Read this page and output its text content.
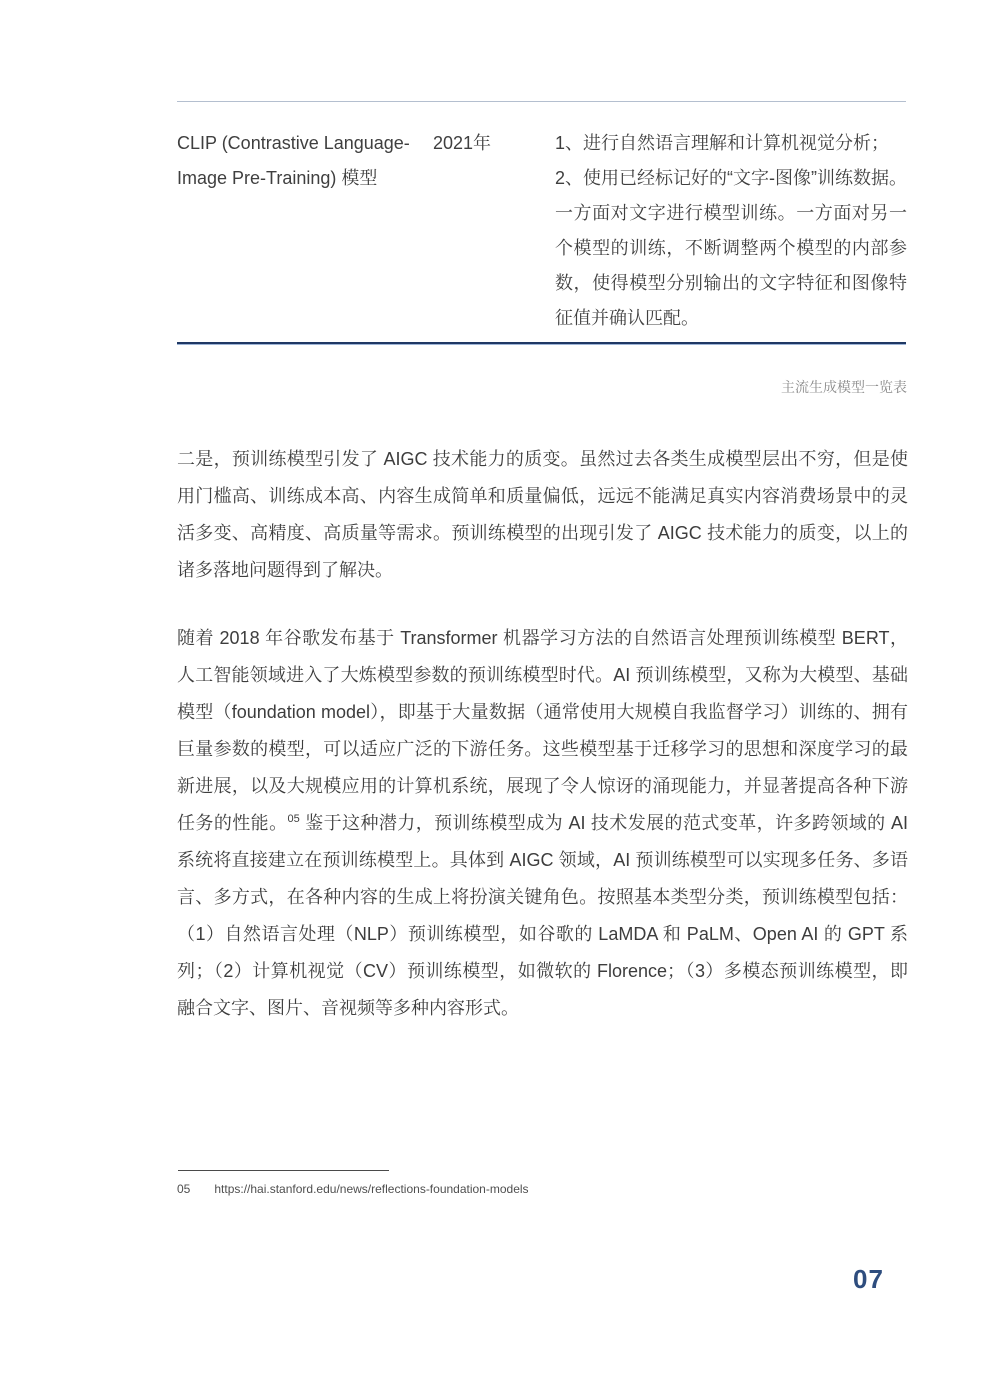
CLIP (Contrastive Language-Image Pre-Training) 模型
2021年	1、进行自然语言理解和计算机视觉分析；
2、使用已经标记好的“文字-图像”训练数据。一方面对文字进行模型训练。一方面对另一个模型的训练，不断调整两个模型的内部参数，使得模型分别输出的文字特征和图像特征值并确认匹配。
主流生成模型一览表

二是，预训练模型引发了 AIGC 技术能力的质变。虽然过去各类生成模型层出不穷，但是使用门槛高、训练成本高、内容生成简单和质量偏低，远远不能满足真实内容消费场景中的灵活多变、高精度、高质量等需求。预训练模型的出现引发了 AIGC 技术能力的质变，以上的诸多落地问题得到了解决。

随着 2018 年谷歌发布基于 Transformer 机器学习方法的自然语言处理预训练模型 BERT，人工智能领域进入了大炼模型参数的预训练模型时代。AI 预训练模型，又称为大模型、基础模型（foundation model），即基于大量数据（通常使用大规模自我监督学习）训练的、拥有巨量参数的模型，可以适应广泛的下游任务。这些模型基于迁移学习的思想和深度学习的最新进展，以及大规模应用的计算机系统，展现了令人惊讶的涌现能力，并显著提高各种下游任务的性能。$^{05}$ 鉴于这种潜力，预训练模型成为 AI 技术发展的范式变革，许多跨领域的 AI 系统将直接建立在预训练模型上。具体到 AIGC 领域，AI 预训练模型可以实现多任务、多语言、多方式，在各种内容的生成上将扮演关键角色。按照基本类型分类，预训练模型包括：（1）自然语言处理（NLP）预训练模型，如谷歌的 LaMDA 和 PaLM、Open AI 的 GPT 系列；（2）计算机视觉（CV）预训练模型，如微软的 Florence；（3）多模态预训练模型，即融合文字、图片、音视频等多种内容形式。

05 https://hai.stanford.edu/news/reflections-foundation-models
07
